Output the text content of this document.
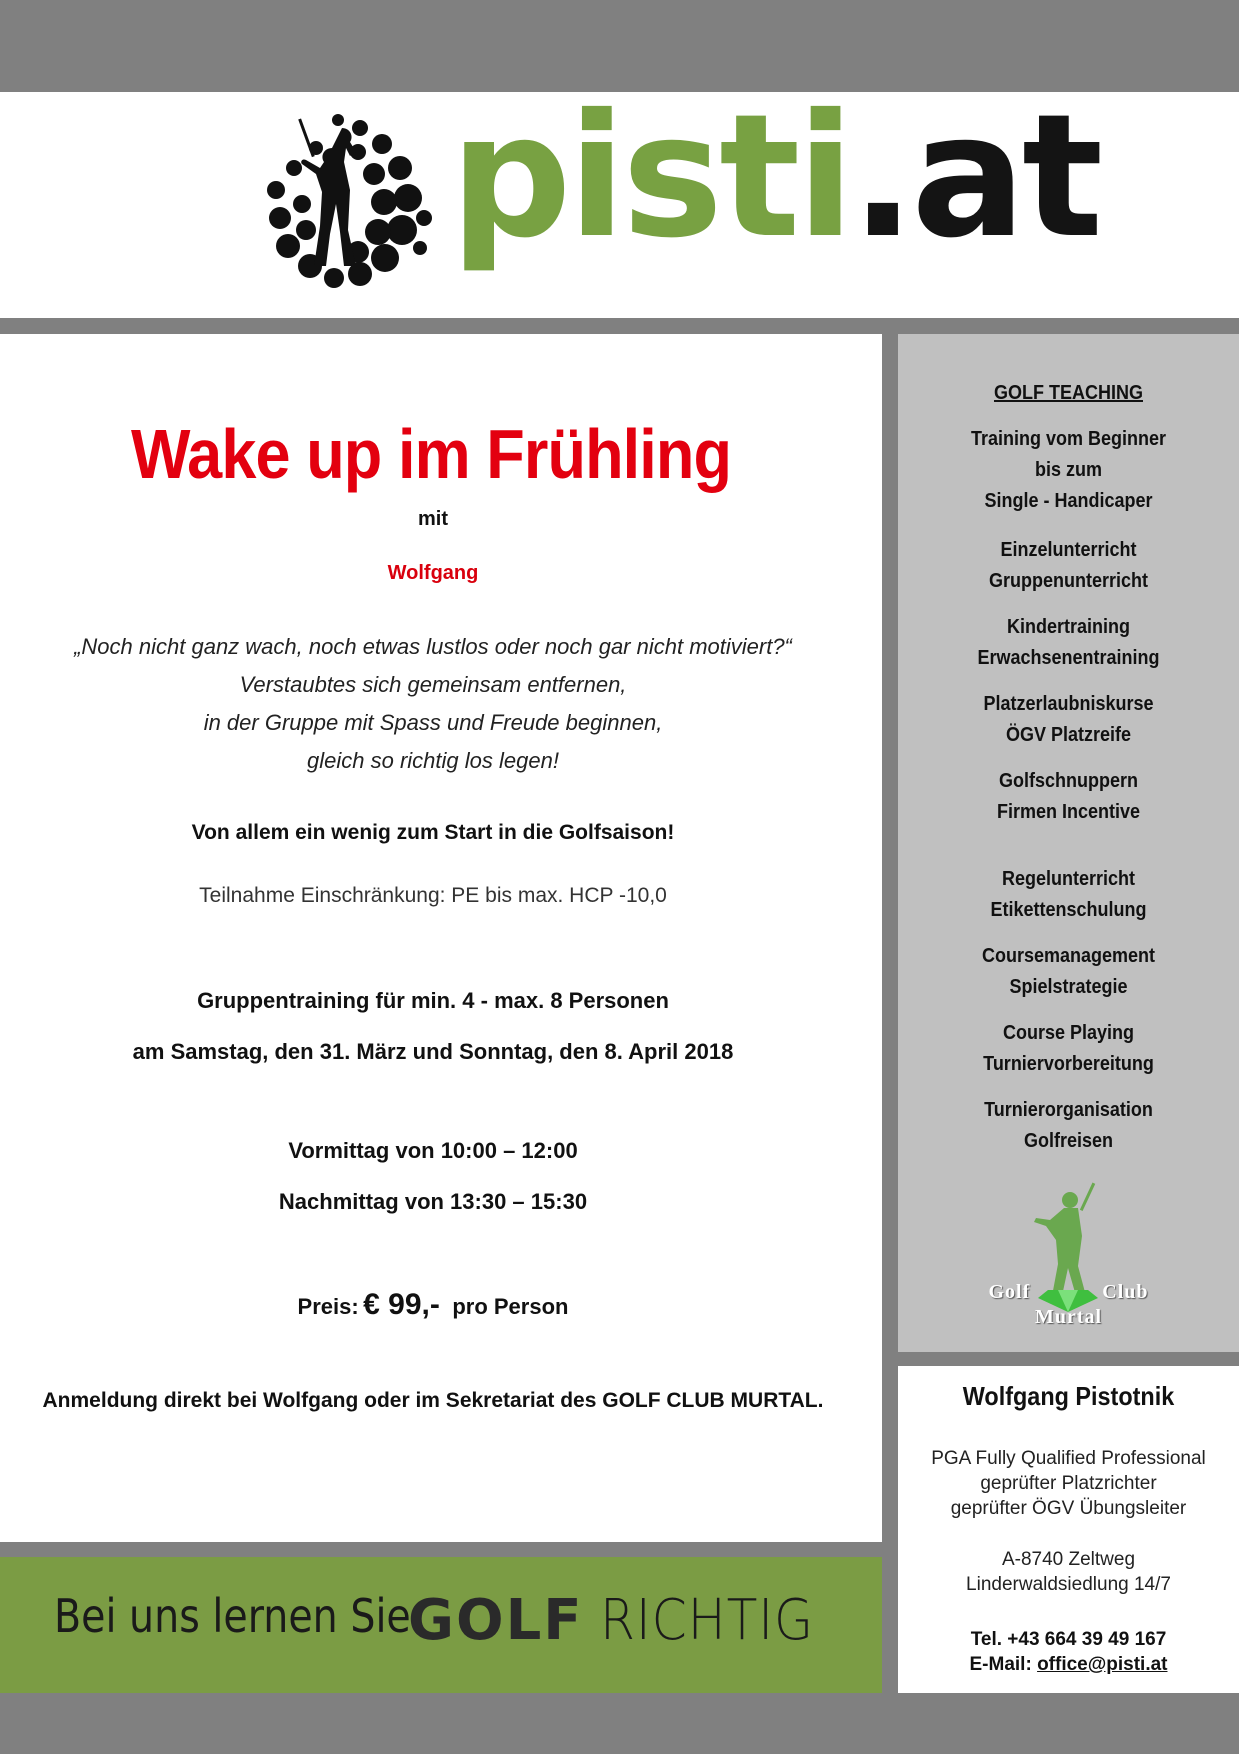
pisti.at
Wake up im Frühling
mit
Wolfgang
„Noch nicht ganz wach, noch etwas lustlos oder noch gar nicht motiviert?“
Verstaubtes sich gemeinsam entfernen,
in der Gruppe mit Spass und Freude beginnen,
gleich so richtig los legen!
Von allem ein wenig zum Start in die Golfsaison!
Teilnahme Einschränkung: PE bis max. HCP -10,0
Gruppentraining für min. 4 - max. 8 Personen
am Samstag, den 31. März und Sonntag, den 8. April 2018
Vormittag von 10:00 – 12:00
Nachmittag von 13:30 – 15:30
Preis: € 99,- pro Person
Anmeldung direkt bei Wolfgang oder im Sekretariat des GOLF CLUB MURTAL.
GOLF TEACHING
Training vom Beginner
bis zum
Single - Handicaper
Einzelunterricht
Gruppenunterricht
Kindertraining
Erwachsenentraining
Platzerlaubniskurse
ÖGV Platzreife
Golfschnuppern
Firmen Incentive
Regelunterricht
Etikettenschulung
Coursemanagement
Spielstrategie
Course Playing
Turniervorbereitung
Turnierorganisation
Golfreisen
Golf	Club
Murtal
Wolfgang Pistotnik
PGA Fully Qualified Professional
geprüfter Platzrichter
geprüfter ÖGV Übungsleiter
A-8740 Zeltweg
Linderwaldsiedlung 14/7
Tel. +43 664 39 49 167
E-Mail: office@pisti.at
Bei uns lernen Sie
GOLF RICHTIG
